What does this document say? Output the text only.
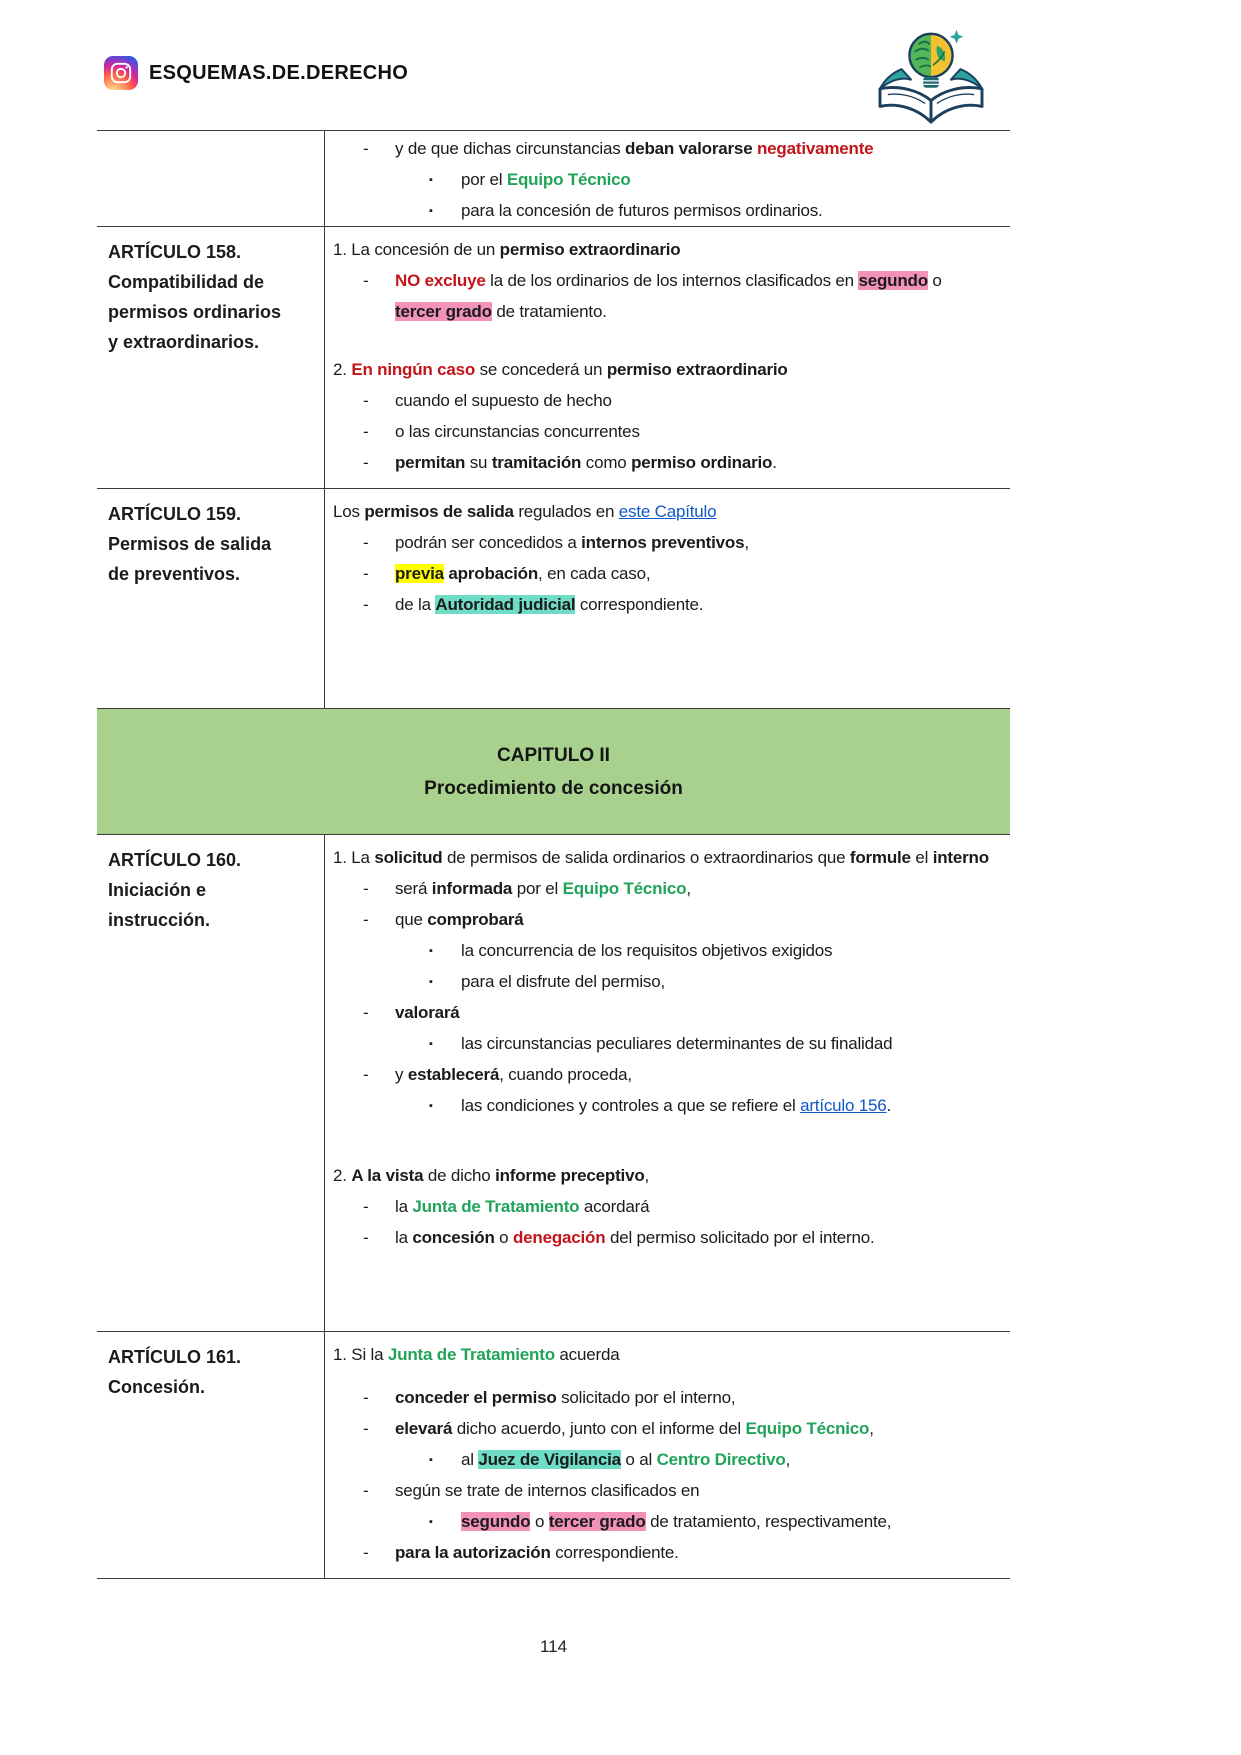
ESQUEMAS.DE.DERECHO
- y de que dichas circunstancias deban valorarse negativamente
▪ por el Equipo Técnico
▪ para la concesión de futuros permisos ordinarios.
ARTÍCULO 158.
Compatibilidad de permisos ordinarios y extraordinarios.
1. La concesión de un permiso extraordinario
- NO excluye la de los ordinarios de los internos clasificados en segundo o
tercer grado de tratamiento.
2. En ningún caso se concederá un permiso extraordinario
- cuando el supuesto de hecho
- o las circunstancias concurrentes
- permitan su tramitación como permiso ordinario.
ARTÍCULO 159.
Permisos de salida de preventivos.
Los permisos de salida regulados en este Capítulo
- podrán ser concedidos a internos preventivos,
- previa aprobación, en cada caso,
- de la Autoridad judicial correspondiente.
CAPITULO II
Procedimiento de concesión
ARTÍCULO 160.
Iniciación e instrucción.
1. La solicitud de permisos de salida ordinarios o extraordinarios que formule el interno
- será informada por el Equipo Técnico,
- que comprobará
▪ la concurrencia de los requisitos objetivos exigidos
▪ para el disfrute del permiso,
- valorará
▪ las circunstancias peculiares determinantes de su finalidad
- y establecerá, cuando proceda,
▪ las condiciones y controles a que se refiere el artículo 156.
2. A la vista de dicho informe preceptivo,
- la Junta de Tratamiento acordará
- la concesión o denegación del permiso solicitado por el interno.
ARTÍCULO 161.
Concesión.
1. Si la Junta de Tratamiento acuerda
- conceder el permiso solicitado por el interno,
- elevará dicho acuerdo, junto con el informe del Equipo Técnico,
▪ al Juez de Vigilancia o al Centro Directivo,
- según se trate de internos clasificados en
▪ segundo o tercer grado de tratamiento, respectivamente,
- para la autorización correspondiente.
114
